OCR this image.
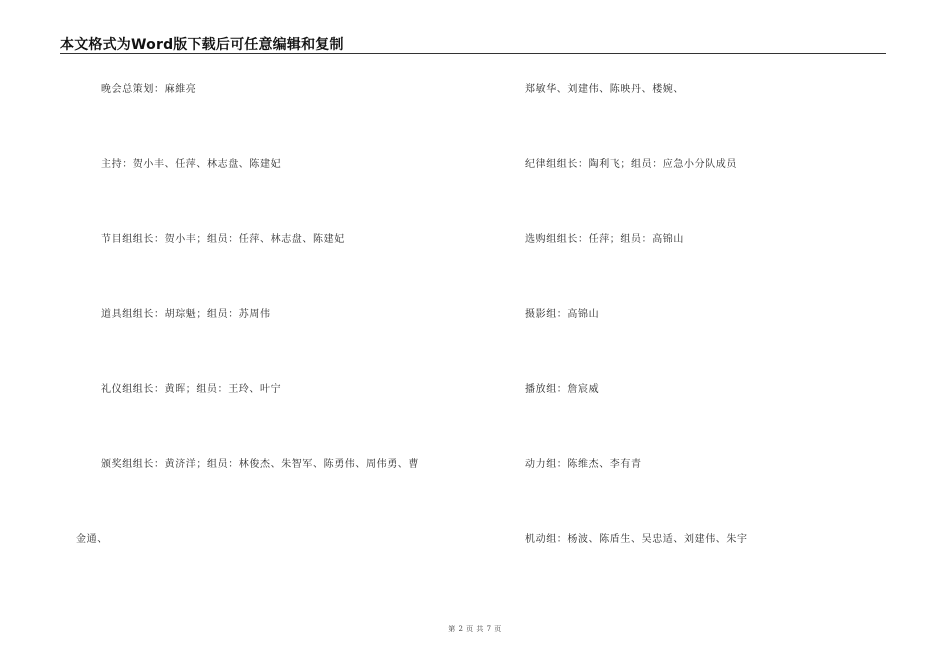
本文格式为Word版下载后可任意编辑和复制
晚会总策划：麻維亮
主持：贺小丰、任萍、林志盘、陈建妃
节目组组长：贺小丰；组员：任萍、林志盘、陈建妃
道具组组长：胡琮魁；组员：苏周伟
礼仪组组长：黄晖；组员：王玲、叶宁
颁奖组组长：黄济洋；组员：林俊杰、朱智军、陈勇伟、周伟勇、曹
金通、
郑敏华、刘建伟、陈映丹、楼婉、
纪律组组长：陶利飞；组员：应急小分队成员
选购组组长：任萍；组员：高锦山
摄影组：高锦山
播放组：詹宸威
动力组：陈维杰、李有青
机动组：杨波、陈盾生、吴忠适、刘建伟、朱宇
第 2 页 共 7 页
